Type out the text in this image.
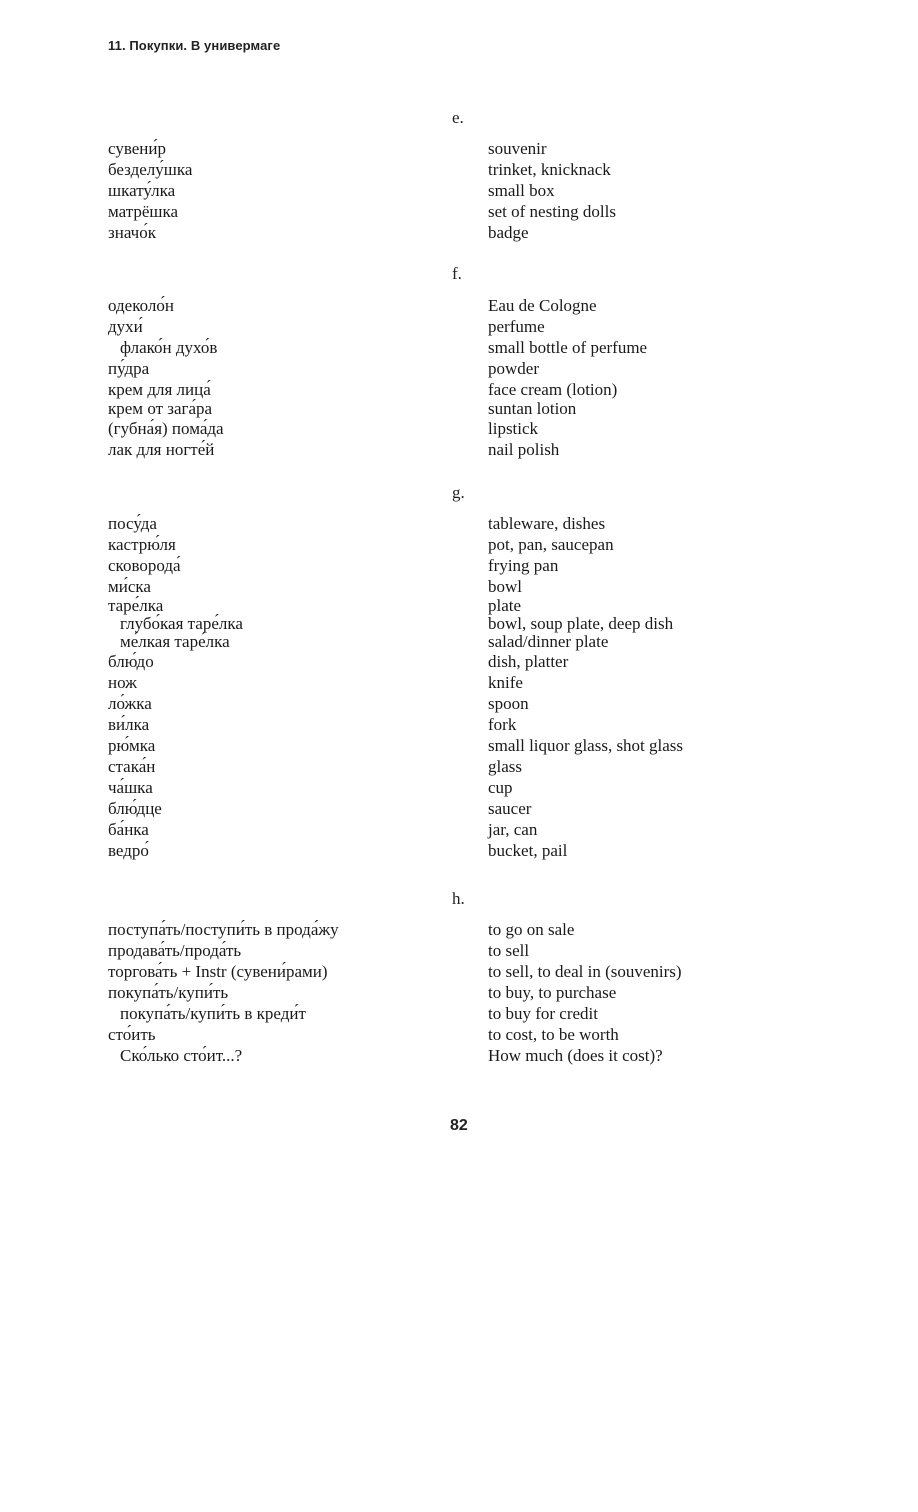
11. Покупки. В универмаге
e.
сувени́р	souvenir
безделу́шка	trinket, knicknack
шкату́лка	small box
матрёшка	set of nesting dolls
значо́к	badge
f.
одеколо́н	Eau de Cologne
духи́	perfume
флако́н духо́в	small bottle of perfume
пу́дра	powder
крем для лица́	face cream (lotion)
крем от зага́ра	suntan lotion
(губна́я) пома́да	lipstick
лак для ногте́й	nail polish
g.
посу́да	tableware, dishes
кастрю́ля	pot, pan, saucepan
сковорода́	frying pan
ми́ска	bowl
таре́лка	plate
глубо́кая таре́лка	bowl, soup plate, deep dish
ме́лкая таре́лка	salad/dinner plate
блю́до	dish, platter
нож	knife
ло́жка	spoon
ви́лка	fork
рю́мка	small liquor glass, shot glass
стака́н	glass
ча́шка	cup
блю́дце	saucer
ба́нка	jar, can
ведро́	bucket, pail
h.
поступа́ть/поступи́ть в прода́жу	to go on sale
продава́ть/прода́ть	to sell
торгова́ть + Instr (сувени́рами)	to sell, to deal in (souvenirs)
покупа́ть/купи́ть	to buy, to purchase
покупа́ть/купи́ть в креди́т	to buy for credit
сто́ить	to cost, to be worth
Ско́лько сто́ит...?	How much (does it cost)?
82
